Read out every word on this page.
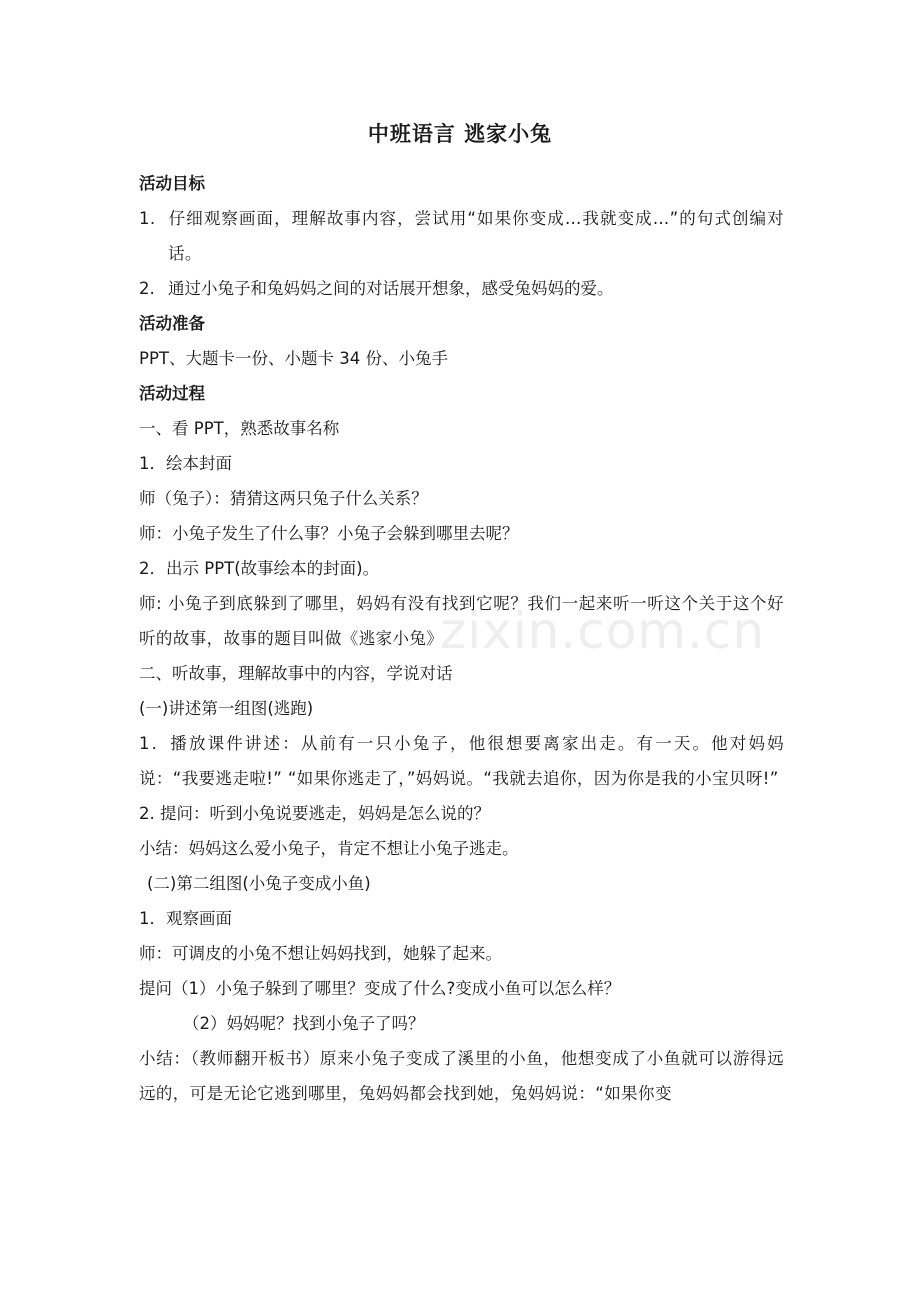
中班语言 逃家小兔

活动目标

1. 仔细观察画面，理解故事内容，尝试用“如果你变成…我就变成…”的句式创编对话。

2. 通过小兔子和兔妈妈之间的对话展开想象，感受兔妈妈的爱。

活动准备

PPT、大题卡一份、小题卡 34 份、小兔手

活动过程

一、看 PPT，熟悉故事名称

1．绘本封面

师（兔子）：猜猜这两只兔子什么关系？

师：小兔子发生了什么事？小兔子会躲到哪里去呢？

2．出示 PPT(故事绘本的封面)。

师: 小兔子到底躲到了哪里，妈妈有没有找到它呢？我们一起来听一听这个关于这个好听的故事，故事的题目叫做《逃家小兔》

二、听故事，理解故事中的内容，学说对话

(一)讲述第一组图(逃跑)

1．播放课件讲述：从前有一只小兔子，他很想要离家出走。有一天。他对妈妈说：“我要逃走啦!” “如果你逃走了，”妈妈说。“我就去追你，因为你是我的小宝贝呀!”

2. 提问：听到小兔说要逃走，妈妈是怎么说的？

小结：妈妈这么爱小兔子，肯定不想让小兔子逃走。

(二)第二组图(小兔子变成小鱼)

1．观察画面

师：可调皮的小兔不想让妈妈找到，她躲了起来。

提问（1）小兔子躲到了哪里？变成了什么?变成小鱼可以怎么样？

（2）妈妈呢？找到小兔子了吗？

小结：（教师翻开板书）原来小兔子变成了溪里的小鱼，他想变成了小鱼就可以游得远远的，可是无论它逃到哪里，兔妈妈都会找到她，兔妈妈说：“如果你变

zixin.com.cn
